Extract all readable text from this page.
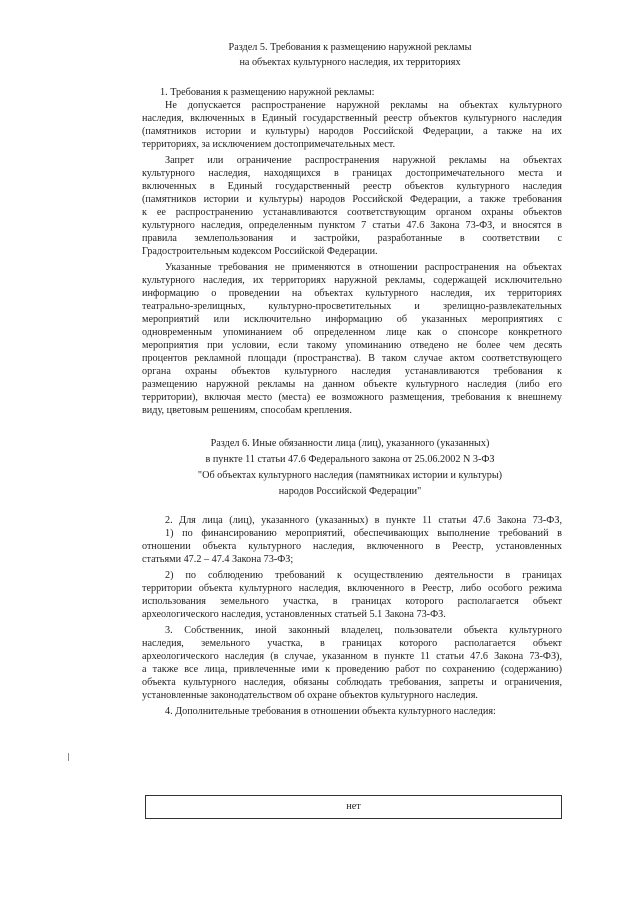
Раздел 5. Требования к размещению наружной рекламы
на объектах культурного наследия, их территориях
1. Требования к размещению наружной рекламы:
Не допускается распространение наружной рекламы на объектах культурного
наследия, включенных в Единый государственный реестр объектов культурного наследия
(памятников истории и культуры) народов Российской Федерации, а также на их
территориях, за исключением достопримечательных мест.
Запрет или ограничение распространения наружной рекламы на объектах
культурного наследия, находящихся в границах достопримечательного места и
включенных в Единый государственный реестр объектов культурного наследия
(памятников истории и культуры) народов Российской Федерации, а также требования
к ее распространению устанавливаются соответствующим органом охраны объектов
культурного наследия, определенным пунктом 7 статьи 47.6 Закона 73-ФЗ, и вносятся в
правила землепользования и застройки, разработанные в соответствии с
Градостроительным кодексом Российской Федерации.
Указанные требования не применяются в отношении распространения на объектах
культурного наследия, их территориях наружной рекламы, содержащей исключительно
информацию о проведении на объектах культурного наследия, их территориях
театрально-зрелищных, культурно-просветительных и зрелищно-развлекательных
мероприятий или исключительно информацию об указанных мероприятиях с
одновременным упоминанием об определенном лице как о спонсоре конкретного
мероприятия при условии, если такому упоминанию отведено не более чем десять
процентов рекламной площади (пространства). В таком случае актом соответствующего
органа охраны объектов культурного наследия устанавливаются требования к
размещению наружной рекламы на данном объекте культурного наследия (либо его
территории), включая место (места) ее возможного размещения, требования к внешнему
виду, цветовым решениям, способам крепления.
Раздел 6. Иные обязанности лица (лиц), указанного (указанных)
в пункте 11 статьи 47.6 Федерального закона от 25.06.2002 N 3-ФЗ
"Об объектах культурного наследия (памятниках истории и культуры)
народов Российской Федерации"
2. Для лица (лиц), указанного (указанных) в пункте 11 статьи 47.6 Закона 73-ФЗ,
1) по финансированию мероприятий, обеспечивающих выполнение требований в
отношении объекта культурного наследия, включенного в Реестр, установленных
статьями 47.2 – 47.4 Закона 73-ФЗ;
2) по соблюдению требований к осуществлению деятельности в границах
территории объекта культурного наследия, включенного в Реестр, либо особого режима
использования земельного участка, в границах которого располагается объект
археологического наследия, установленных статьей 5.1 Закона 73-ФЗ.
3. Собственник, иной законный владелец, пользователи объекта культурного
наследия, земельного участка, в границах которого располагается объект
археологического наследия (в случае, указанном в пункте 11 статьи 47.6 Закона 73-ФЗ),
а также все лица, привлеченные ими к проведению работ по сохранению (содержанию)
объекта культурного наследия, обязаны соблюдать требования, запреты и ограничения,
установленные законодательством об охране объектов культурного наследия.
4. Дополнительные требования в отношении объекта культурного наследия:
нет
